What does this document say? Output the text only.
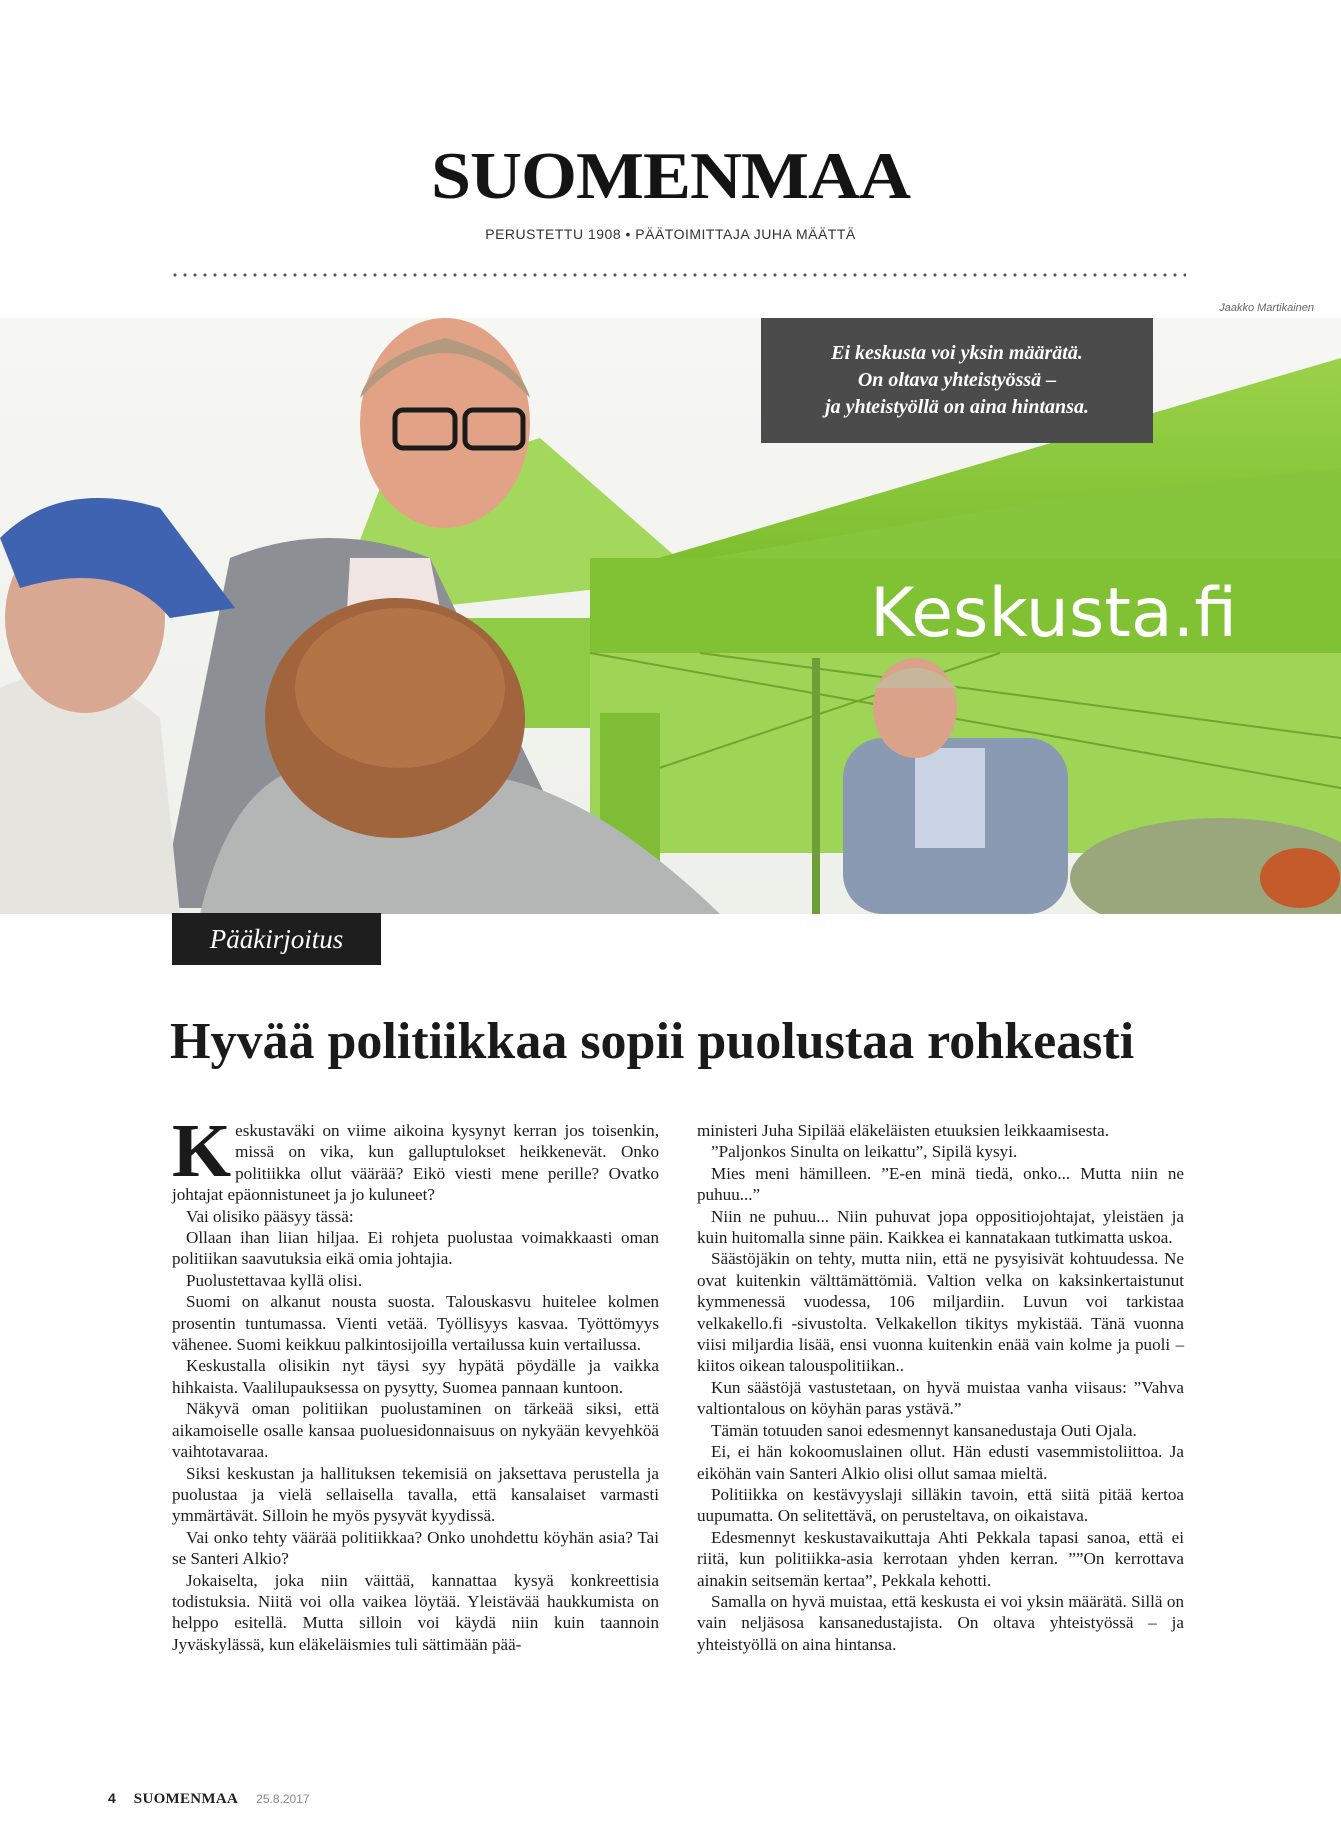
SUOMENMAA
PERUSTETTU 1908 • PÄÄTOIMITTAJA JUHA MÄÄTTÄ
Jaakko Martikainen
Keskusta.fi
Ei keskusta voi yksin määrätä.
On oltava yhteistyössä –
ja yhteistyöllä on aina hintansa.
Pääkirjoitus
Hyvää politiikkaa sopii puolustaa rohkeasti

Keskustaväki on viime aikoina kysynyt kerran jos toisenkin, missä on vika, kun galluptulokset heikkenevät. Onko politiikka ollut väärää? Eikö viesti mene perille? Ovatko johtajat epäonnistuneet ja jo kuluneet?

Vai olisiko pääsyy tässä:

Ollaan ihan liian hiljaa. Ei rohjeta puolustaa voimakkaasti oman politiikan saavutuksia eikä omia johtajia.

Puolustettavaa kyllä olisi.

Suomi on alkanut nousta suosta. Talouskasvu huitelee kolmen prosentin tuntumassa. Vienti vetää. Työllisyys kasvaa. Työttömyys vähenee. Suomi keikkuu palkintosijoilla vertailussa kuin vertailussa.

Keskustalla olisikin nyt täysi syy hypätä pöydälle ja vaikka hihkaista. Vaalilupauksessa on pysytty, Suomea pannaan kuntoon.

Näkyvä oman politiikan puolustaminen on tärkeää siksi, että aikamoiselle osalle kansaa puoluesidonnaisuus on nykyään kevyehköä vaihtotavaraa.

Siksi keskustan ja hallituksen tekemisiä on jaksettava perustella ja puolustaa ja vielä sellaisella tavalla, että kansalaiset varmasti ymmärtävät. Silloin he myös pysyvät kyydissä.

Vai onko tehty väärää politiikkaa? Onko unohdettu köyhän asia? Tai se Santeri Alkio?

Jokaiselta, joka niin väittää, kannattaa kysyä konkreettisia todistuksia. Niitä voi olla vaikea löytää. Yleistävää haukkumista on helppo esitellä. Mutta silloin voi käydä niin kuin taannoin Jyväskylässä, kun eläkeläismies tuli sättimään pää-

ministeri Juha Sipilää eläkeläisten etuuksien leikkaamisesta.

”Paljonkos Sinulta on leikattu”, Sipilä kysyi.

Mies meni hämilleen. ”E-en minä tiedä, onko... Mutta niin ne puhuu...”

Niin ne puhuu... Niin puhuvat jopa oppositiojohtajat, yleistäen ja kuin huitomalla sinne päin. Kaikkea ei kannatakaan tutkimatta uskoa.

Säästöjäkin on tehty, mutta niin, että ne pysyisivät kohtuudessa. Ne ovat kuitenkin välttämättömiä. Valtion velka on kaksinkertaistunut kymmenessä vuodessa, 106 miljardiin. Luvun voi tarkistaa velkakello.fi -sivustolta. Velkakellon tikitys mykistää. Tänä vuonna viisi miljardia lisää, ensi vuonna kuitenkin enää vain kolme ja puoli – kiitos oikean talouspolitiikan..

Kun säästöjä vastustetaan, on hyvä muistaa vanha viisaus: ”Vahva valtiontalous on köyhän paras ystävä.”

Tämän totuuden sanoi edesmennyt kansanedustaja Outi Ojala.

Ei, ei hän kokoomuslainen ollut. Hän edusti vasemmistoliittoa. Ja eiköhän vain Santeri Alkio olisi ollut samaa mieltä.

Politiikka on kestävyyslaji silläkin tavoin, että siitä pitää kertoa uupumatta. On selitettävä, on perusteltava, on oikaistava.

Edesmennyt keskustavaikuttaja Ahti Pekkala tapasi sanoa, että ei riitä, kun politiikka-asia kerrotaan yhden kerran. ””On kerrottava ainakin seitsemän kertaa”, Pekkala kehotti.

Samalla on hyvä muistaa, että keskusta ei voi yksin määrätä. Sillä on vain neljäsosa kansanedustajista. On oltava yhteistyössä – ja yhteistyöllä on aina hintansa.

4 SUOMENMAA 25.8.2017
